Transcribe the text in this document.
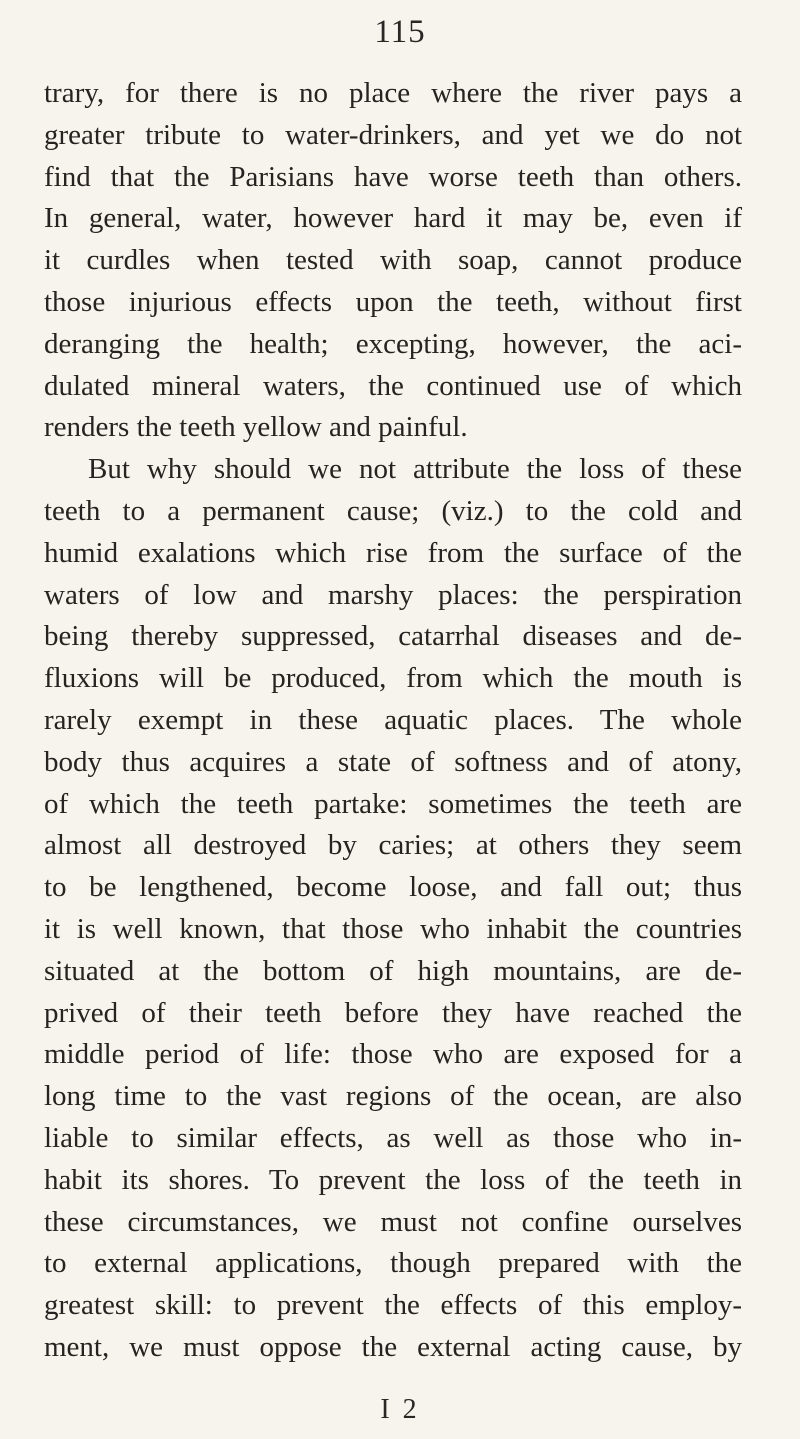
115
trary, for there is no place where the river pays a
greater tribute to water-drinkers, and yet we do not
find that the Parisians have worse teeth than others.
In general, water, however hard it may be, even if
it curdles when tested with soap, cannot produce
those injurious effects upon the teeth, without first
deranging the health; excepting, however, the aci-
dulated mineral waters, the continued use of which
renders the teeth yellow and painful.
But why should we not attribute the loss of these
teeth to a permanent cause; (viz.) to the cold and
humid exalations which rise from the surface of the
waters of low and marshy places: the perspiration
being thereby suppressed, catarrhal diseases and de-
fluxions will be produced, from which the mouth is
rarely exempt in these aquatic places. The whole
body thus acquires a state of softness and of atony,
of which the teeth partake: sometimes the teeth are
almost all destroyed by caries; at others they seem
to be lengthened, become loose, and fall out; thus
it is well known, that those who inhabit the countries
situated at the bottom of high mountains, are de-
prived of their teeth before they have reached the
middle period of life: those who are exposed for a
long time to the vast regions of the ocean, are also
liable to similar effects, as well as those who in-
habit its shores. To prevent the loss of the teeth in
these circumstances, we must not confine ourselves
to external applications, though prepared with the
greatest skill: to prevent the effects of this employ-
ment, we must oppose the external acting cause, by
I 2
